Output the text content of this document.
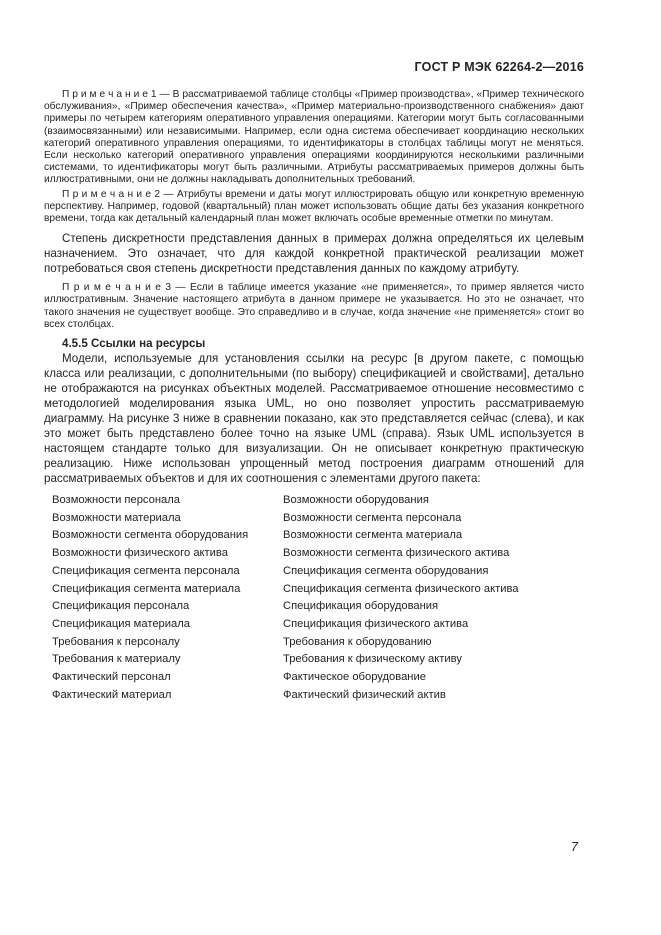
ГОСТ Р МЭК 62264-2—2016

П р и м е ч а н и е 1 — В рассматриваемой таблице столбцы «Пример производства», «Пример технического обслуживания», «Пример обеспечения качества», «Пример материально-производственного снабжения» дают примеры по четырем категориям оперативного управления операциями. Категории могут быть согласованными (взаимосвязанными) или независимыми. Например, если одна система обеспечивает координацию нескольких категорий оперативного управления операциями, то идентификаторы в столбцах таблицы могут не меняться. Если несколько категорий оперативного управления операциями координируются несколькими различными системами, то идентификаторы могут быть различными. Атрибуты рассматриваемых примеров должны быть иллюстративными, они не должны накладывать дополнительных требований.

П р и м е ч а н и е 2 — Атрибуты времени и даты могут иллюстрировать общую или конкретную временную перспективу. Например, годовой (квартальный) план может использовать общие даты без указания конкретного времени, тогда как детальный календарный план может включать особые временные отметки по минутам.

Степень дискретности представления данных в примерах должна определяться их целевым назначением. Это означает, что для каждой конкретной практической реализации может потребоваться своя степень дискретности представления данных по каждому атрибуту.

П р и м е ч а н и е 3 — Если в таблице имеется указание «не применяется», то пример является чисто иллюстративным. Значение настоящего атрибута в данном примере не указывается. Но это не означает, что такого значения не существует вообще. Это справедливо и в случае, когда значение «не применяется» стоит во всех столбцах.

4.5.5 Ссылки на ресурсы

Модели, используемые для установления ссылки на ресурс [в другом пакете, с помощью класса или реализации, с дополнительными (по выбору) спецификацией и свойствами], детально не отображаются на рисунках объектных моделей. Рассматриваемое отношение несовместимо с методологией моделирования языка UML, но оно позволяет упростить рассматриваемую диаграмму. На рисунке 3 ниже в сравнении показано, как это представляется сейчас (слева), и как это может быть представлено более точно на языке UML (справа). Язык UML используется в настоящем стандарте только для визуализации. Он не описывает конкретную практическую реализацию. Ниже использован упрощенный метод построения диаграмм отношений для рассматриваемых объектов и для их соотношения с элементами другого пакета:

Возможности персонала	Возможности оборудования
Возможности материала	Возможности сегмента персонала
Возможности сегмента оборудования	Возможности сегмента материала
Возможности физического актива	Возможности сегмента физического актива
Спецификация сегмента персонала	Спецификация сегмента оборудования
Спецификация сегмента материала	Спецификация сегмента физического актива
Спецификация персонала	Спецификация оборудования
Спецификация материала	Спецификация физического актива
Требования к персоналу	Требования к оборудованию
Требования к материалу	Требования к физическому активу
Фактический персонал	Фактическое оборудование
Фактический материал	Фактический физический актив
7
